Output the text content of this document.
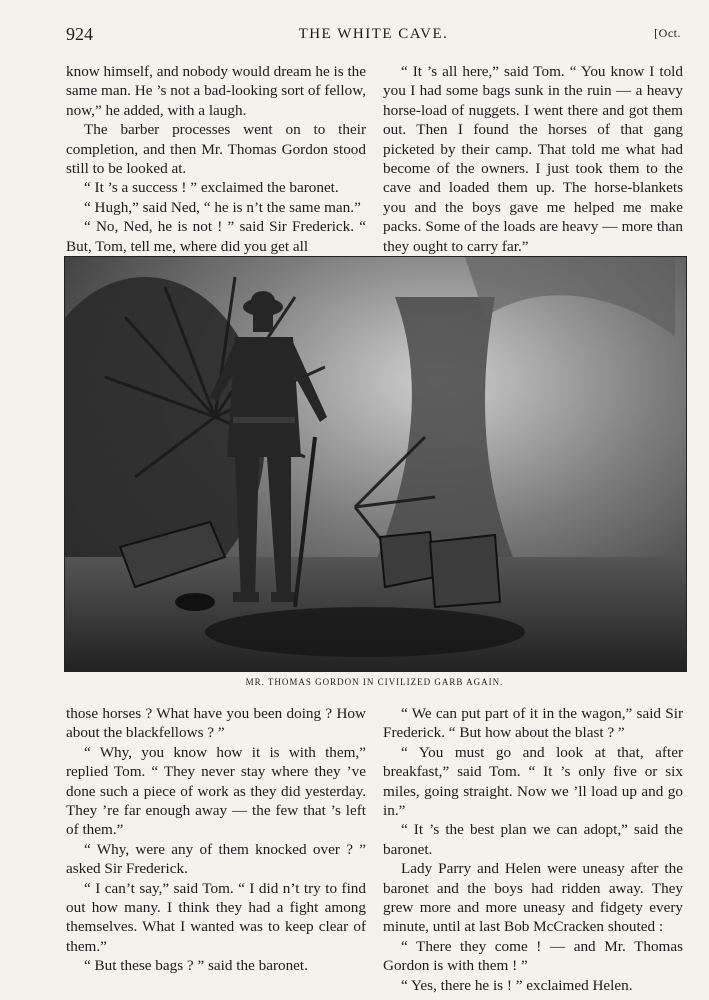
924	THE WHITE CAVE.	[Oct.

know himself, and nobody would dream he is the same man. He ’s not a bad-looking sort of fellow, now,” he added, with a laugh.

The barber processes went on to their completion, and then Mr. Thomas Gordon stood still to be looked at.

“ It ’s a success ! ” exclaimed the baronet.

“ Hugh,” said Ned, “ he is n’t the same man.”

“ No, Ned, he is not ! ” said Sir Frederick. “ But, Tom, tell me, where did you get all

“ It ’s all here,” said Tom. “ You know I told you I had some bags sunk in the ruin — a heavy horse-load of nuggets. I went there and got them out. Then I found the horses of that gang picketed by their camp. That told me what had become of the owners. I just took them to the cave and loaded them up. The horse-blankets you and the boys gave me helped me make packs. Some of the loads are heavy — more than they ought to carry far.”

MR. THOMAS GORDON IN CIVILIZED GARB AGAIN.

those horses ? What have you been doing ? How about the blackfellows ? ”

“ Why, you know how it is with them,” replied Tom. “ They never stay where they ’ve done such a piece of work as they did yesterday. They ’re far enough away — the few that ’s left of them.”

“ Why, were any of them knocked over ? ” asked Sir Frederick.

“ I can’t say,” said Tom. “ I did n’t try to find out how many. I think they had a fight among themselves. What I wanted was to keep clear of them.”

“ But these bags ? ” said the baronet.

“ We can put part of it in the wagon,” said Sir Frederick. “ But how about the blast ? ”

“ You must go and look at that, after breakfast,” said Tom. “ It ’s only five or six miles, going straight. Now we ’ll load up and go in.”

“ It ’s the best plan we can adopt,” said the baronet.

Lady Parry and Helen were uneasy after the baronet and the boys had ridden away. They grew more and more uneasy and fidgety every minute, until at last Bob McCracken shouted :

“ There they come ! — and Mr. Thomas Gordon is with them ! ”

“ Yes, there he is ! ” exclaimed Helen.
